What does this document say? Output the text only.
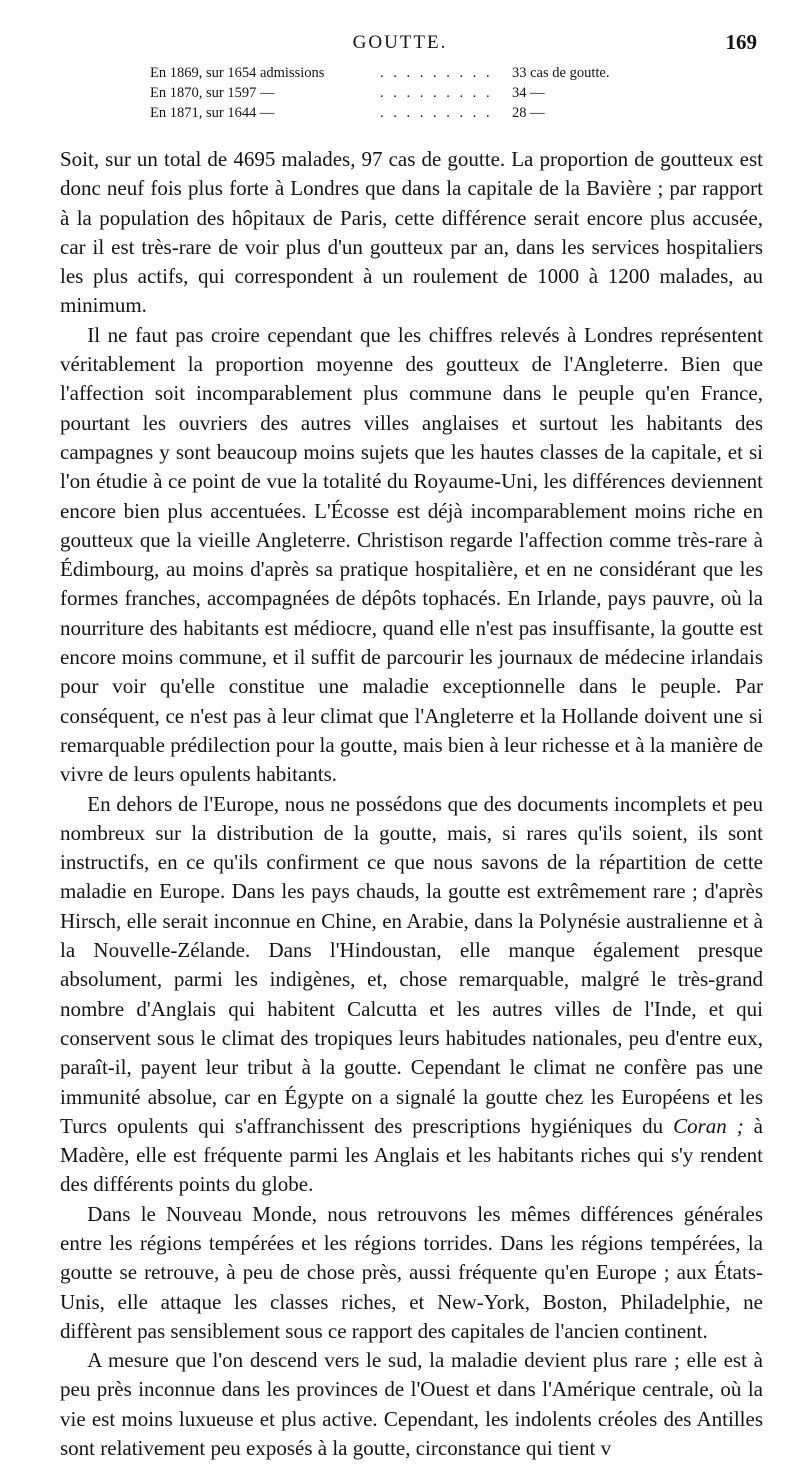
GOUTTE.	169
En 1869, sur 1654 admissions	. . . . . . . . . 33 cas de goutte.
En 1870, sur 1597 —	. . . . . . . . . 34 —
En 1871, sur 1644 —	. . . . . . . . . 28 —

Soit, sur un total de 4695 malades, 97 cas de goutte. La proportion de goutteux est donc neuf fois plus forte à Londres que dans la capitale de la Bavière ; par rapport à la population des hôpitaux de Paris, cette différence serait encore plus accusée, car il est très-rare de voir plus d'un goutteux par an, dans les services hospitaliers les plus actifs, qui correspondent à un roulement de 1000 à 1200 malades, au minimum.

Il ne faut pas croire cependant que les chiffres relevés à Londres représentent véritablement la proportion moyenne des goutteux de l'Angleterre. Bien que l'affection soit incomparablement plus commune dans le peuple qu'en France, pourtant les ouvriers des autres villes anglaises et surtout les habitants des campagnes y sont beaucoup moins sujets que les hautes classes de la capitale, et si l'on étudie à ce point de vue la totalité du Royaume-Uni, les différences deviennent encore bien plus accentuées. L'Écosse est déjà incomparablement moins riche en goutteux que la vieille Angleterre. Christison regarde l'affection comme très-rare à Édimbourg, au moins d'après sa pratique hospitalière, et en ne considérant que les formes franches, accompagnées de dépôts tophacés. En Irlande, pays pauvre, où la nourriture des habitants est médiocre, quand elle n'est pas insuffisante, la goutte est encore moins commune, et il suffit de parcourir les journaux de médecine irlandais pour voir qu'elle constitue une maladie exceptionnelle dans le peuple. Par conséquent, ce n'est pas à leur climat que l'Angleterre et la Hollande doivent une si remarquable prédilection pour la goutte, mais bien à leur richesse et à la manière de vivre de leurs opulents habitants.

En dehors de l'Europe, nous ne possédons que des documents incomplets et peu nombreux sur la distribution de la goutte, mais, si rares qu'ils soient, ils sont instructifs, en ce qu'ils confirment ce que nous savons de la répartition de cette maladie en Europe. Dans les pays chauds, la goutte est extrêmement rare ; d'après Hirsch, elle serait inconnue en Chine, en Arabie, dans la Polynésie australienne et à la Nouvelle-Zélande. Dans l'Hindoustan, elle manque également presque absolument, parmi les indigènes, et, chose remarquable, malgré le très-grand nombre d'Anglais qui habitent Calcutta et les autres villes de l'Inde, et qui conservent sous le climat des tropiques leurs habitudes nationales, peu d'entre eux, paraît-il, payent leur tribut à la goutte. Cependant le climat ne confère pas une immunité absolue, car en Égypte on a signalé la goutte chez les Européens et les Turcs opulents qui s'affranchissent des prescriptions hygiéniques du Coran ; à Madère, elle est fréquente parmi les Anglais et les habitants riches qui s'y rendent des différents points du globe.

Dans le Nouveau Monde, nous retrouvons les mêmes différences générales entre les régions tempérées et les régions torrides. Dans les régions tempérées, la goutte se retrouve, à peu de chose près, aussi fréquente qu'en Europe ; aux États-Unis, elle attaque les classes riches, et New-York, Boston, Philadelphie, ne diffèrent pas sensiblement sous ce rapport des capitales de l'ancien continent.

A mesure que l'on descend vers le sud, la maladie devient plus rare ; elle est à peu près inconnue dans les provinces de l'Ouest et dans l'Amérique centrale, où la vie est moins luxueuse et plus active. Cependant, les indolents créoles des Antilles sont relativement peu exposés à la goutte, circonstance qui tient v
